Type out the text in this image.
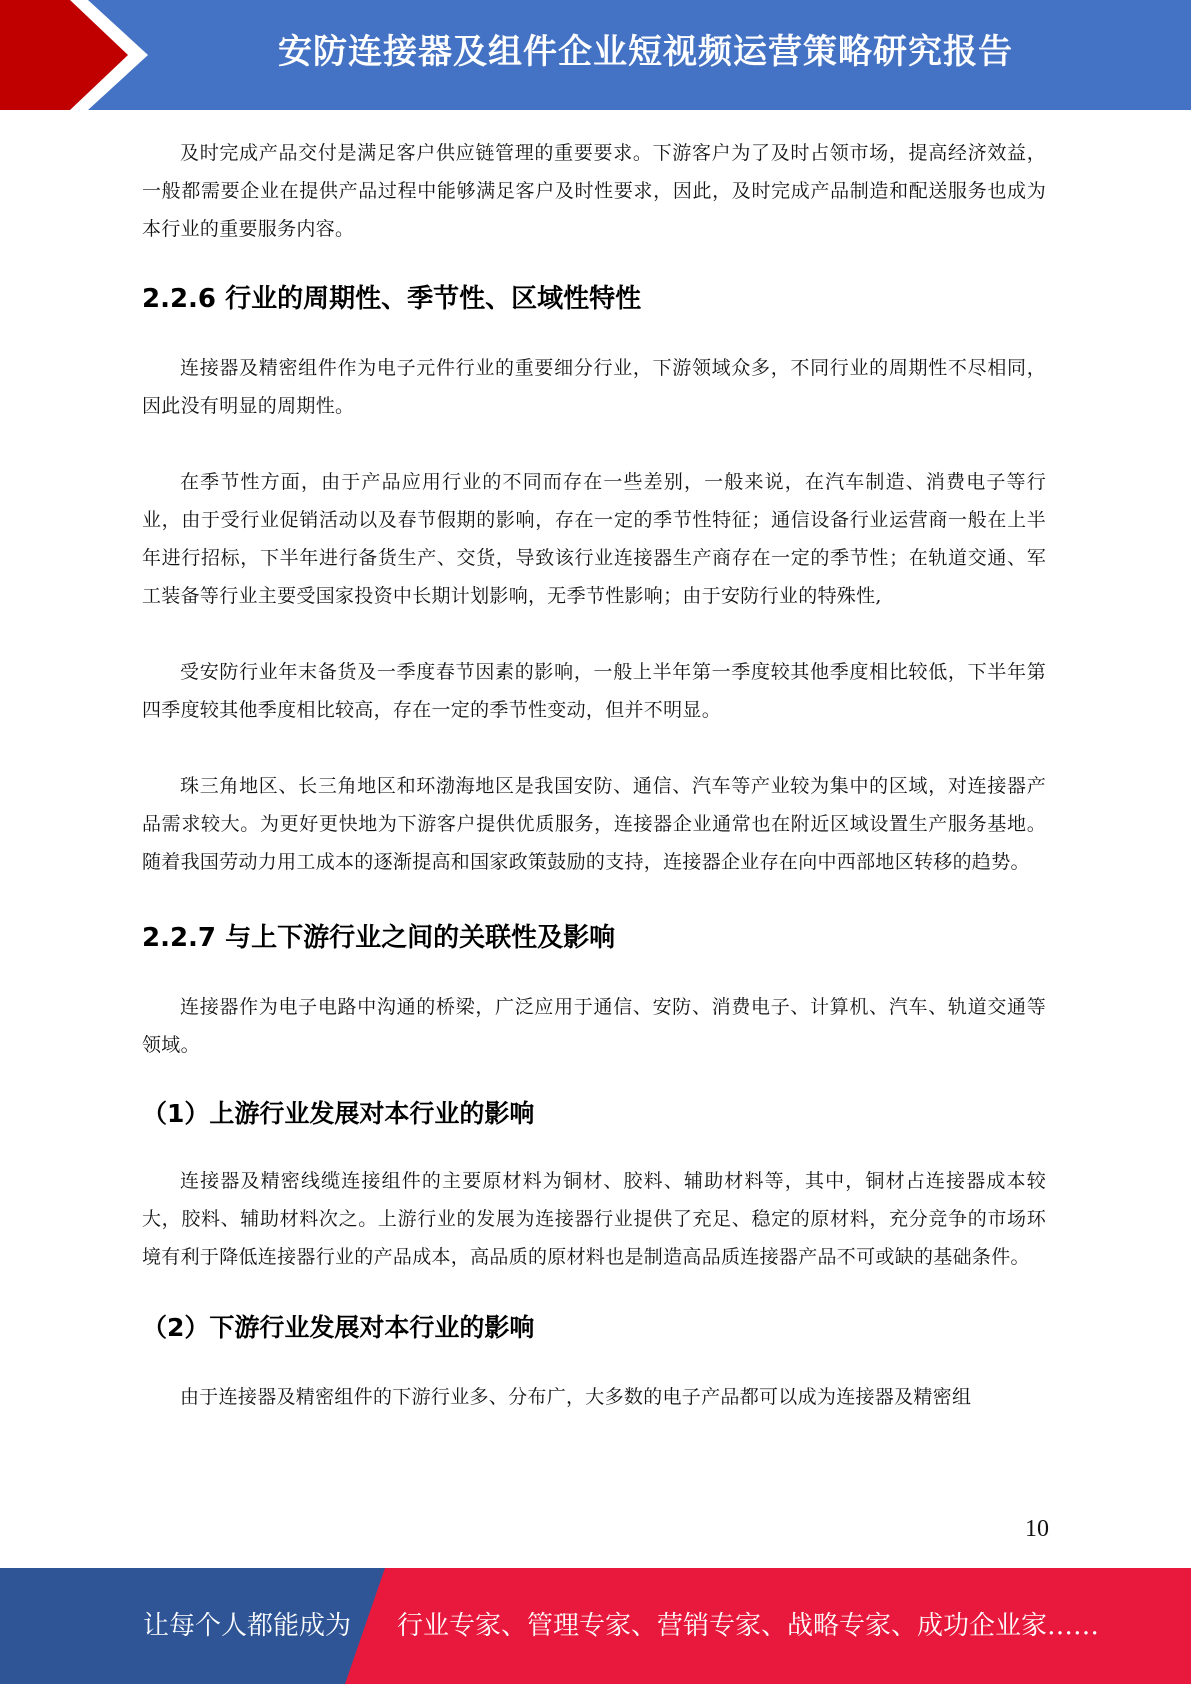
安防连接器及组件企业短视频运营策略研究报告

及时完成产品交付是满足客户供应链管理的重要要求。下游客户为了及时占领市场，提高经济效益，一般都需要企业在提供产品过程中能够满足客户及时性要求，因此，及时完成产品制造和配送服务也成为本行业的重要服务内容。

2.2.6 行业的周期性、季节性、区域性特性

连接器及精密组件作为电子元件行业的重要细分行业，下游领域众多，不同行业的周期性不尽相同，因此没有明显的周期性。

在季节性方面，由于产品应用行业的不同而存在一些差别，一般来说，在汽车制造、消费电子等行业，由于受行业促销活动以及春节假期的影响，存在一定的季节性特征；通信设备行业运营商一般在上半年进行招标，下半年进行备货生产、交货，导致该行业连接器生产商存在一定的季节性；在轨道交通、军工装备等行业主要受国家投资中长期计划影响，无季节性影响；由于安防行业的特殊性,

受安防行业年末备货及一季度春节因素的影响，一般上半年第一季度较其他季度相比较低，下半年第四季度较其他季度相比较高，存在一定的季节性变动，但并不明显。

珠三角地区、长三角地区和环渤海地区是我国安防、通信、汽车等产业较为集中的区域，对连接器产品需求较大。为更好更快地为下游客户提供优质服务，连接器企业通常也在附近区域设置生产服务基地。随着我国劳动力用工成本的逐渐提高和国家政策鼓励的支持，连接器企业存在向中西部地区转移的趋势。

2.2.7 与上下游行业之间的关联性及影响

连接器作为电子电路中沟通的桥梁，广泛应用于通信、安防、消费电子、计算机、汽车、轨道交通等领域。

（1）上游行业发展对本行业的影响

连接器及精密线缆连接组件的主要原材料为铜材、胶料、辅助材料等，其中，铜材占连接器成本较大，胶料、辅助材料次之。上游行业的发展为连接器行业提供了充足、稳定的原材料，充分竞争的市场环境有利于降低连接器行业的产品成本，高品质的原材料也是制造高品质连接器产品不可或缺的基础条件。

（2）下游行业发展对本行业的影响

由于连接器及精密组件的下游行业多、分布广，大多数的电子产品都可以成为连接器及精密组

10
让每个人都能成为 行业专家、管理专家、营销专家、战略专家、成功企业家……
